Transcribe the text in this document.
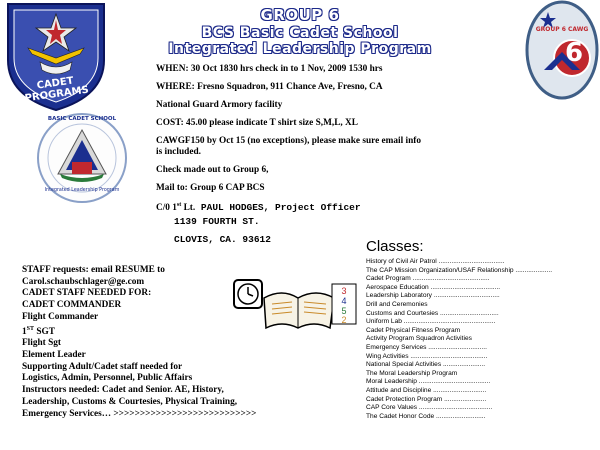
CADET PROGRAMS
GROUP 6
BCS Basic Cadet School
Integrated Leadership Program
GROUP 6 CAWG
6
BASIC CADET SCHOOL
Integrated Leadership Program
WHEN: 30 Oct 1830 hrs check in to 1 Nov, 2009 1530 hrs
WHERE: Fresno Squadron, 911 Chance Ave, Fresno, CA
National Guard Armory facility
COST: 45.00 please indicate T shirt size S,M,L, XL
CAWGF150 by Oct 15 (no exceptions), please make sure email info
is included.
Check made out to Group 6,
Mail to: Group 6 CAP BCS
C/0 1st Lt. PAUL HODGES, Project Officer
1139 FOURTH ST.
CLOVIS, CA. 93612
3
4
5
2
Classes:
History of Civil Air Patrol ....................................
The CAP Mission Organization/USAF Relationship ....................
Cadet Program ..........................................
Aerospace Education ......................................
Leadership Laboratory ....................................
Drill and Ceremonies
Customs and Courtesies ................................
Uniform Lab ..................................................
Cadet Physical Fitness Program
Activity Program Squadron Activities
Emergency Services ................................
Wing Activities ..........................................
National Special Activities .......................
The Moral Leadership Program
Moral Leadership .......................................
Attitude and Discipline .............................
Cadet Protection Program .......................
CAP Core Values ........................................
The Cadet Honor Code ...........................
STAFF requests: email RESUME to
Carol.schaubschlager@ge.com
CADET STAFF NEEDED FOR:
CADET COMMANDER
Flight Commander
1ST SGT
Flight Sgt
Element Leader
Supporting Adult/Cadet staff needed for
Logistics, Admin, Personnel, Public Affairs
Instructors needed: Cadet and Senior. AE, History,
Leadership, Customs & Courtesies, Physical Training,
Emergency Services… >>>>>>>>>>>>>>>>>>>>>>>>>>>
